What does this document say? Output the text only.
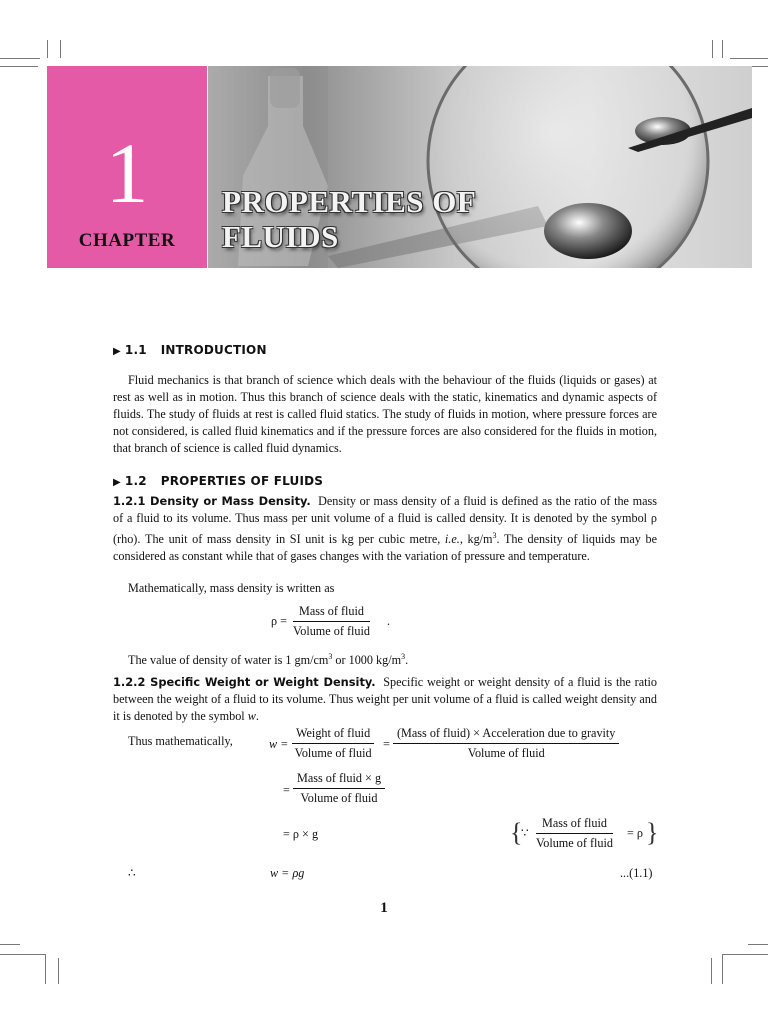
1
CHAPTER
PROPERTIES OF
FLUIDS
▶ 1.1 INTRODUCTION

Fluid mechanics is that branch of science which deals with the behaviour of the fluids (liquids or gases) at rest as well as in motion. Thus this branch of science deals with the static, kinematics and dynamic aspects of fluids. The study of fluids at rest is called fluid statics. The study of fluids in motion, where pressure forces are not considered, is called fluid kinematics and if the pressure forces are also considered for the fluids in motion, that branch of science is called fluid dynamics.

▶ 1.2 PROPERTIES OF FLUIDS

1.2.1 Density or Mass Density. Density or mass density of a fluid is defined as the ratio of the mass of a fluid to its volume. Thus mass per unit volume of a fluid is called density. It is denoted by the symbol ρ (rho). The unit of mass density in SI unit is kg per cubic metre, i.e., $kg/m^3$. The density of liquids may be considered as constant while that of gases changes with the variation of pressure and temperature.

Mathematically, mass density is written as

ρ =
Mass of fluid
Volume of fluid
.

The value of density of water is 1 $gm/cm^3$ or 1000 $kg/m^3$.

1.2.2 Specific Weight or Weight Density. Specific weight or weight density of a fluid is the ratio between the weight of a fluid to its volume. Thus weight per unit volume of a fluid is called weight density and it is denoted by the symbol w.

Thus mathematically,	w =
Weight of fluid
Volume of fluid
=
(Mass of fluid) × Acceleration due to gravity
Volume of fluid
=
Mass of fluid × g
Volume of fluid
= ρ × g	{
∵
Mass of fluid
Volume of fluid
= ρ }
∴	w = ρg	...(1.1)
1
